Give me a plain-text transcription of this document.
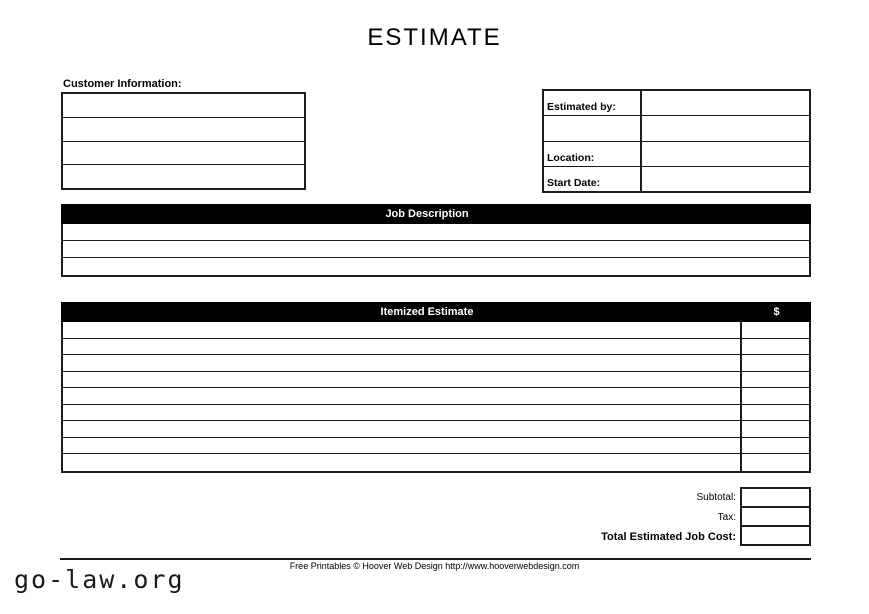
ESTIMATE
Customer Information:
Estimated by:
Location:
Start Date:
Job Description
Itemized Estimate	$
Subtotal:
Tax:
Total Estimated Job Cost:
Free Printables © Hoover Web Design http://www.hooverwebdesign.com
go-law.org
